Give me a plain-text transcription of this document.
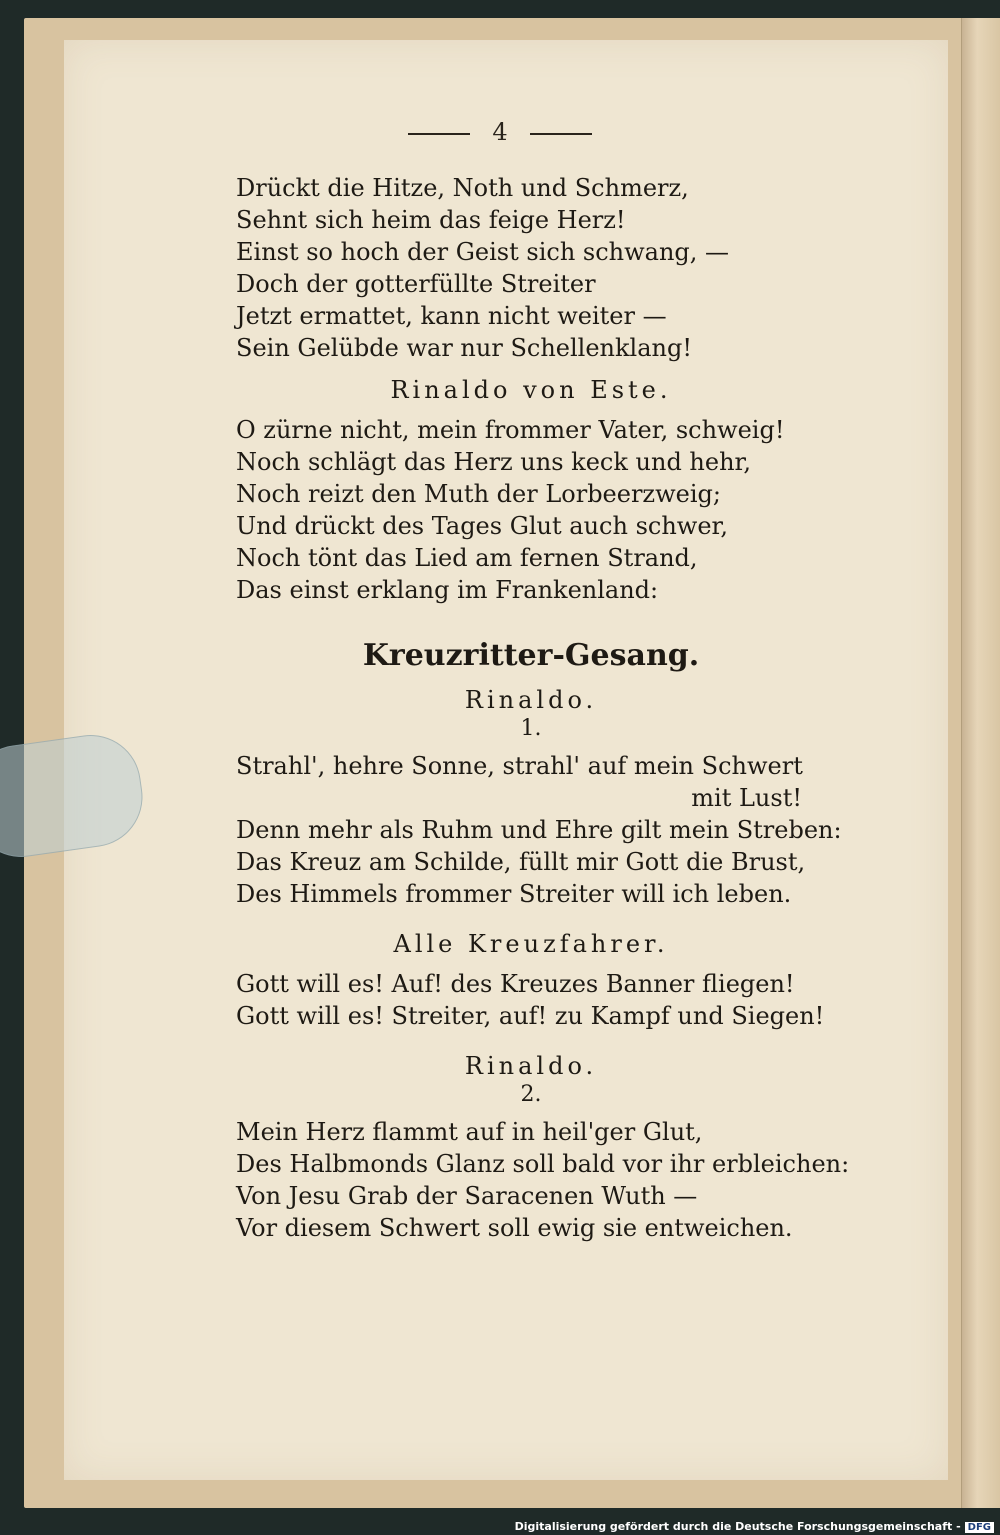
4
Drückt die Hitze, Noth und Schmerz,
Sehnt sich heim das feige Herz!
Einst so hoch der Geist sich schwang, —
Doch der gotterfüllte Streiter
Jetzt ermattet, kann nicht weiter —
Sein Gelübde war nur Schellenklang!
Rinaldo von Este.
O zürne nicht, mein frommer Vater, schweig!
Noch schlägt das Herz uns keck und hehr,
Noch reizt den Muth der Lorbeerzweig;
Und drückt des Tages Glut auch schwer,
Noch tönt das Lied am fernen Strand,
Das einst erklang im Frankenland:
Kreuzritter-Gesang.
Rinaldo.
1.
Strahl', hehre Sonne, strahl' auf mein Schwert
mit Lust!
Denn mehr als Ruhm und Ehre gilt mein Streben:
Das Kreuz am Schilde, füllt mir Gott die Brust,
Des Himmels frommer Streiter will ich leben.
Alle Kreuzfahrer.
Gott will es! Auf! des Kreuzes Banner fliegen!
Gott will es! Streiter, auf! zu Kampf und Siegen!
Rinaldo.
2.
Mein Herz flammt auf in heil'ger Glut,
Des Halbmonds Glanz soll bald vor ihr erbleichen:
Von Jesu Grab der Saracenen Wuth —
Vor diesem Schwert soll ewig sie entweichen.
Digitalisierung gefördert durch die Deutsche Forschungsgemeinschaft - DFG
